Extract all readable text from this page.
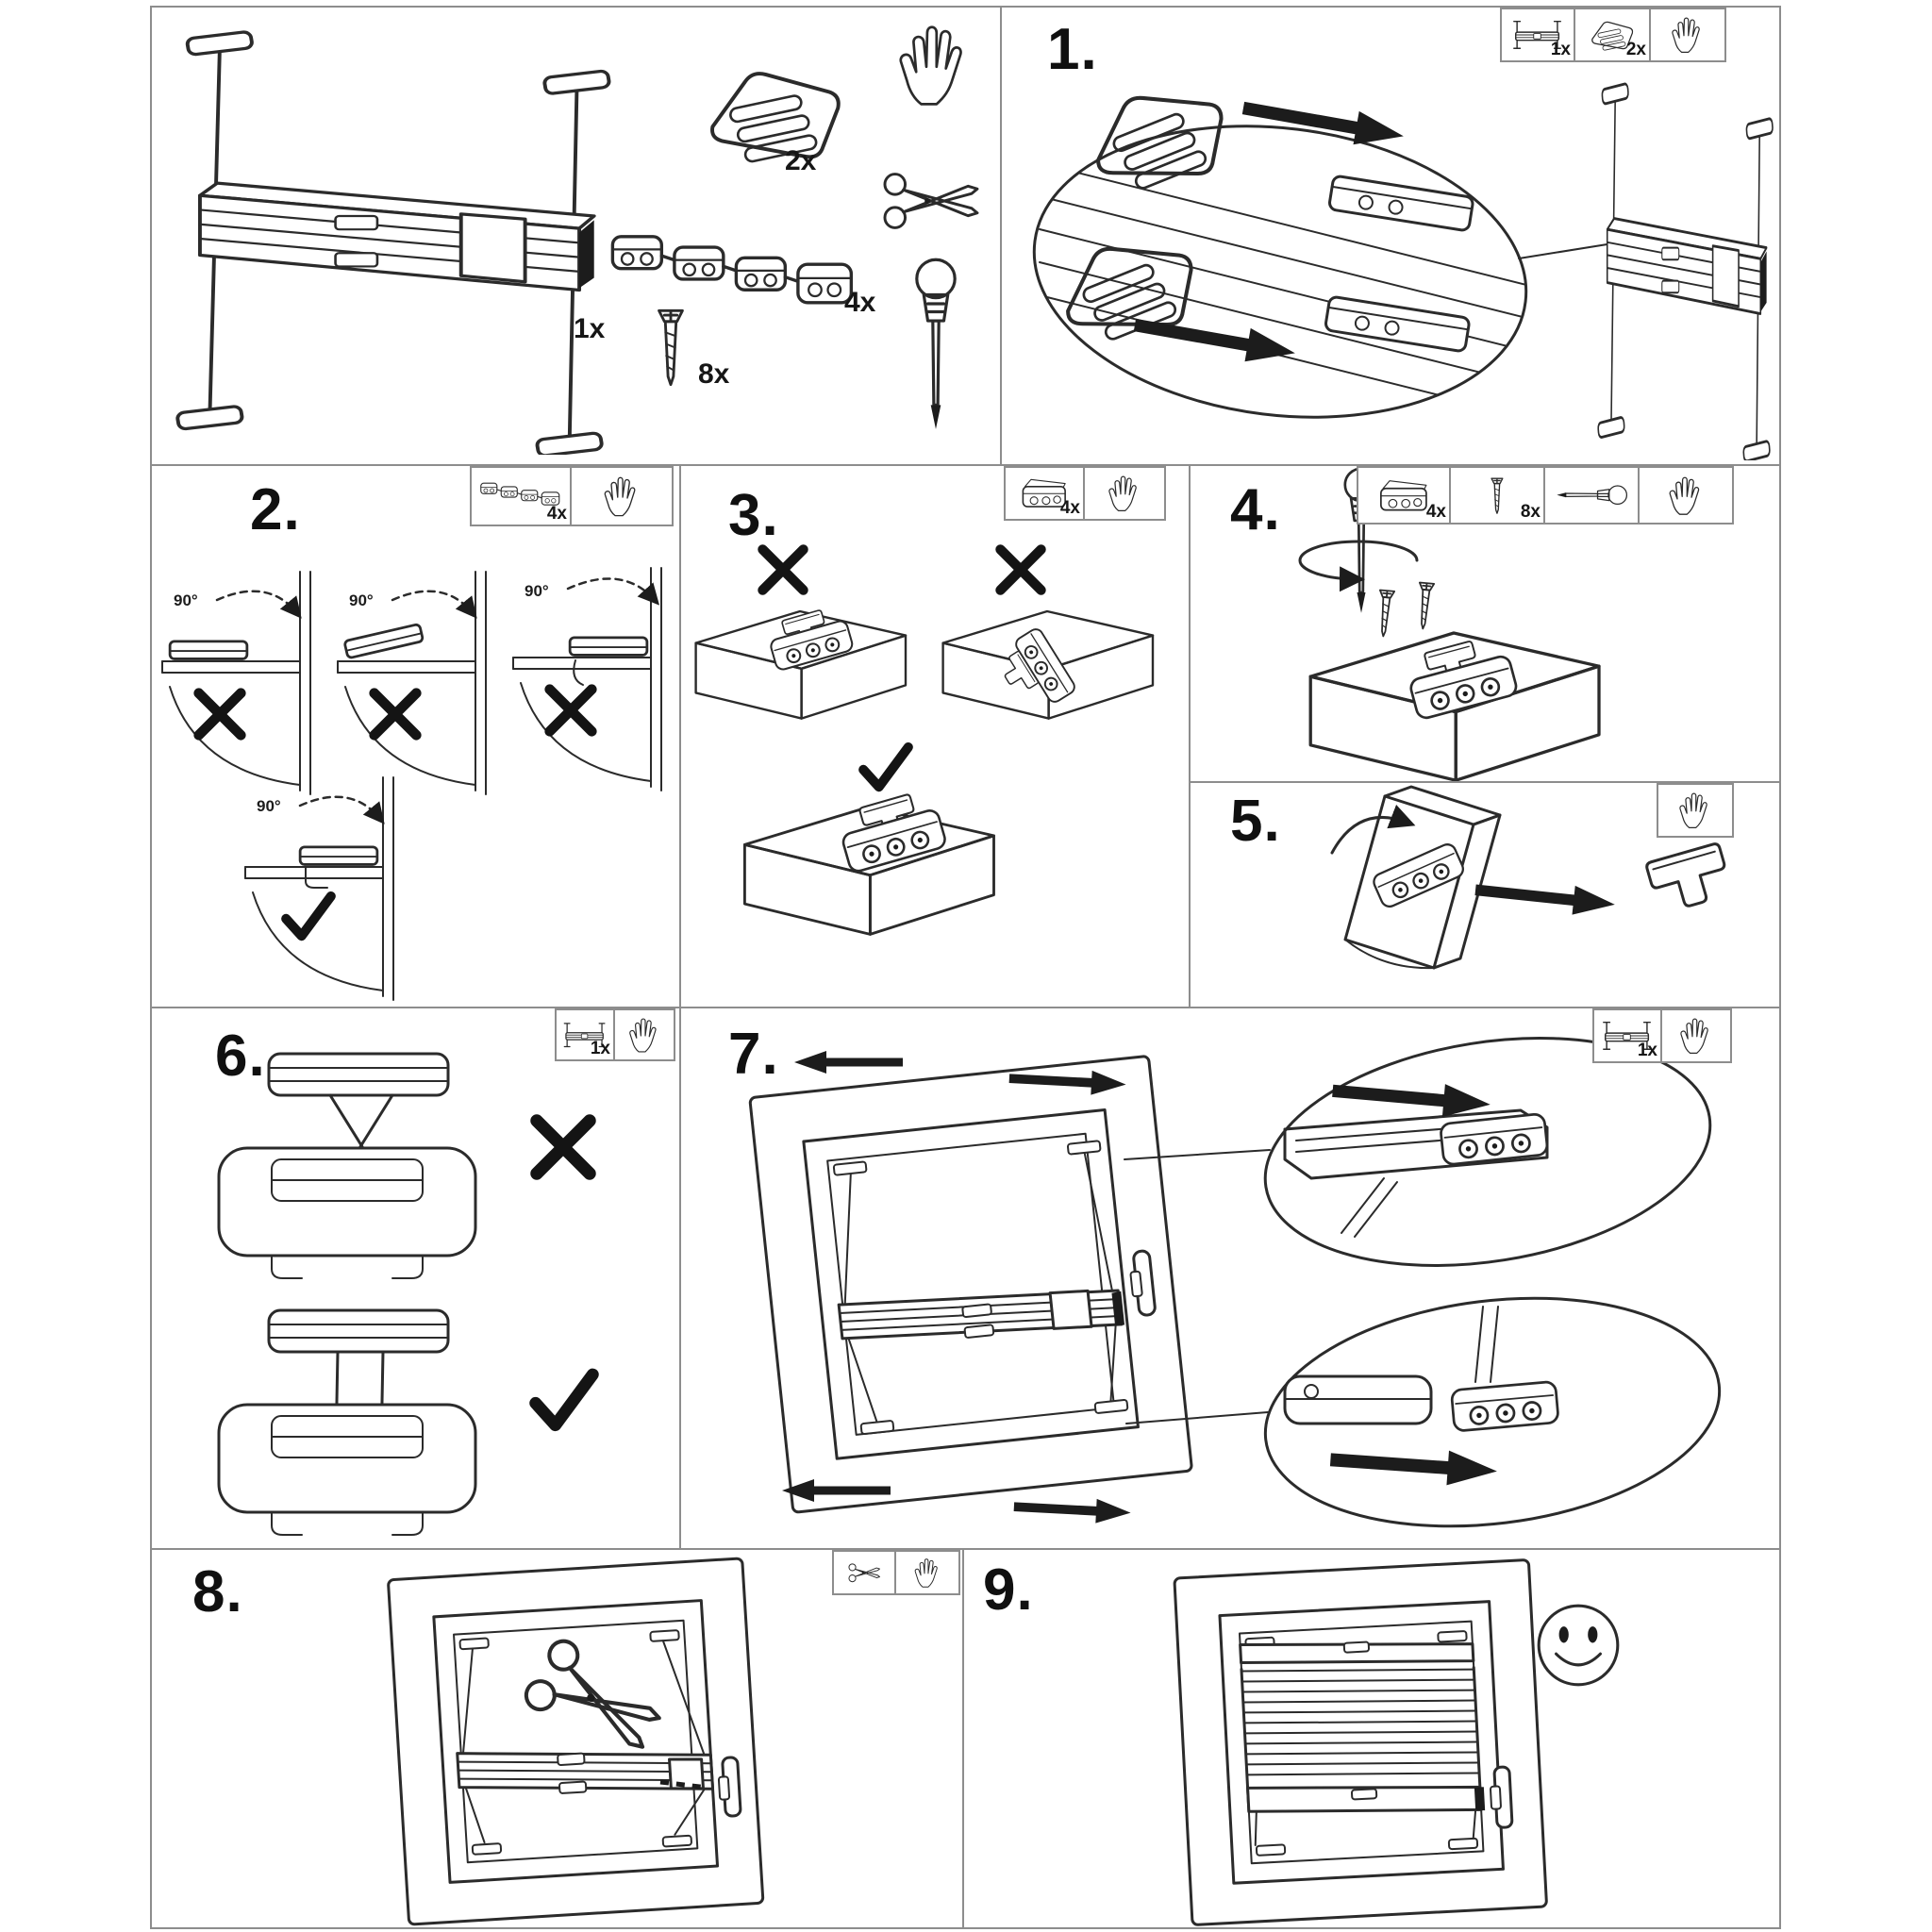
1x
2x
4x
8x
1.	1x	2x
2.	4x
90°	90°
90°
90°
3.	4x	4.	4x	8x
5.
6.	1x 7.	1x
8.	9.
